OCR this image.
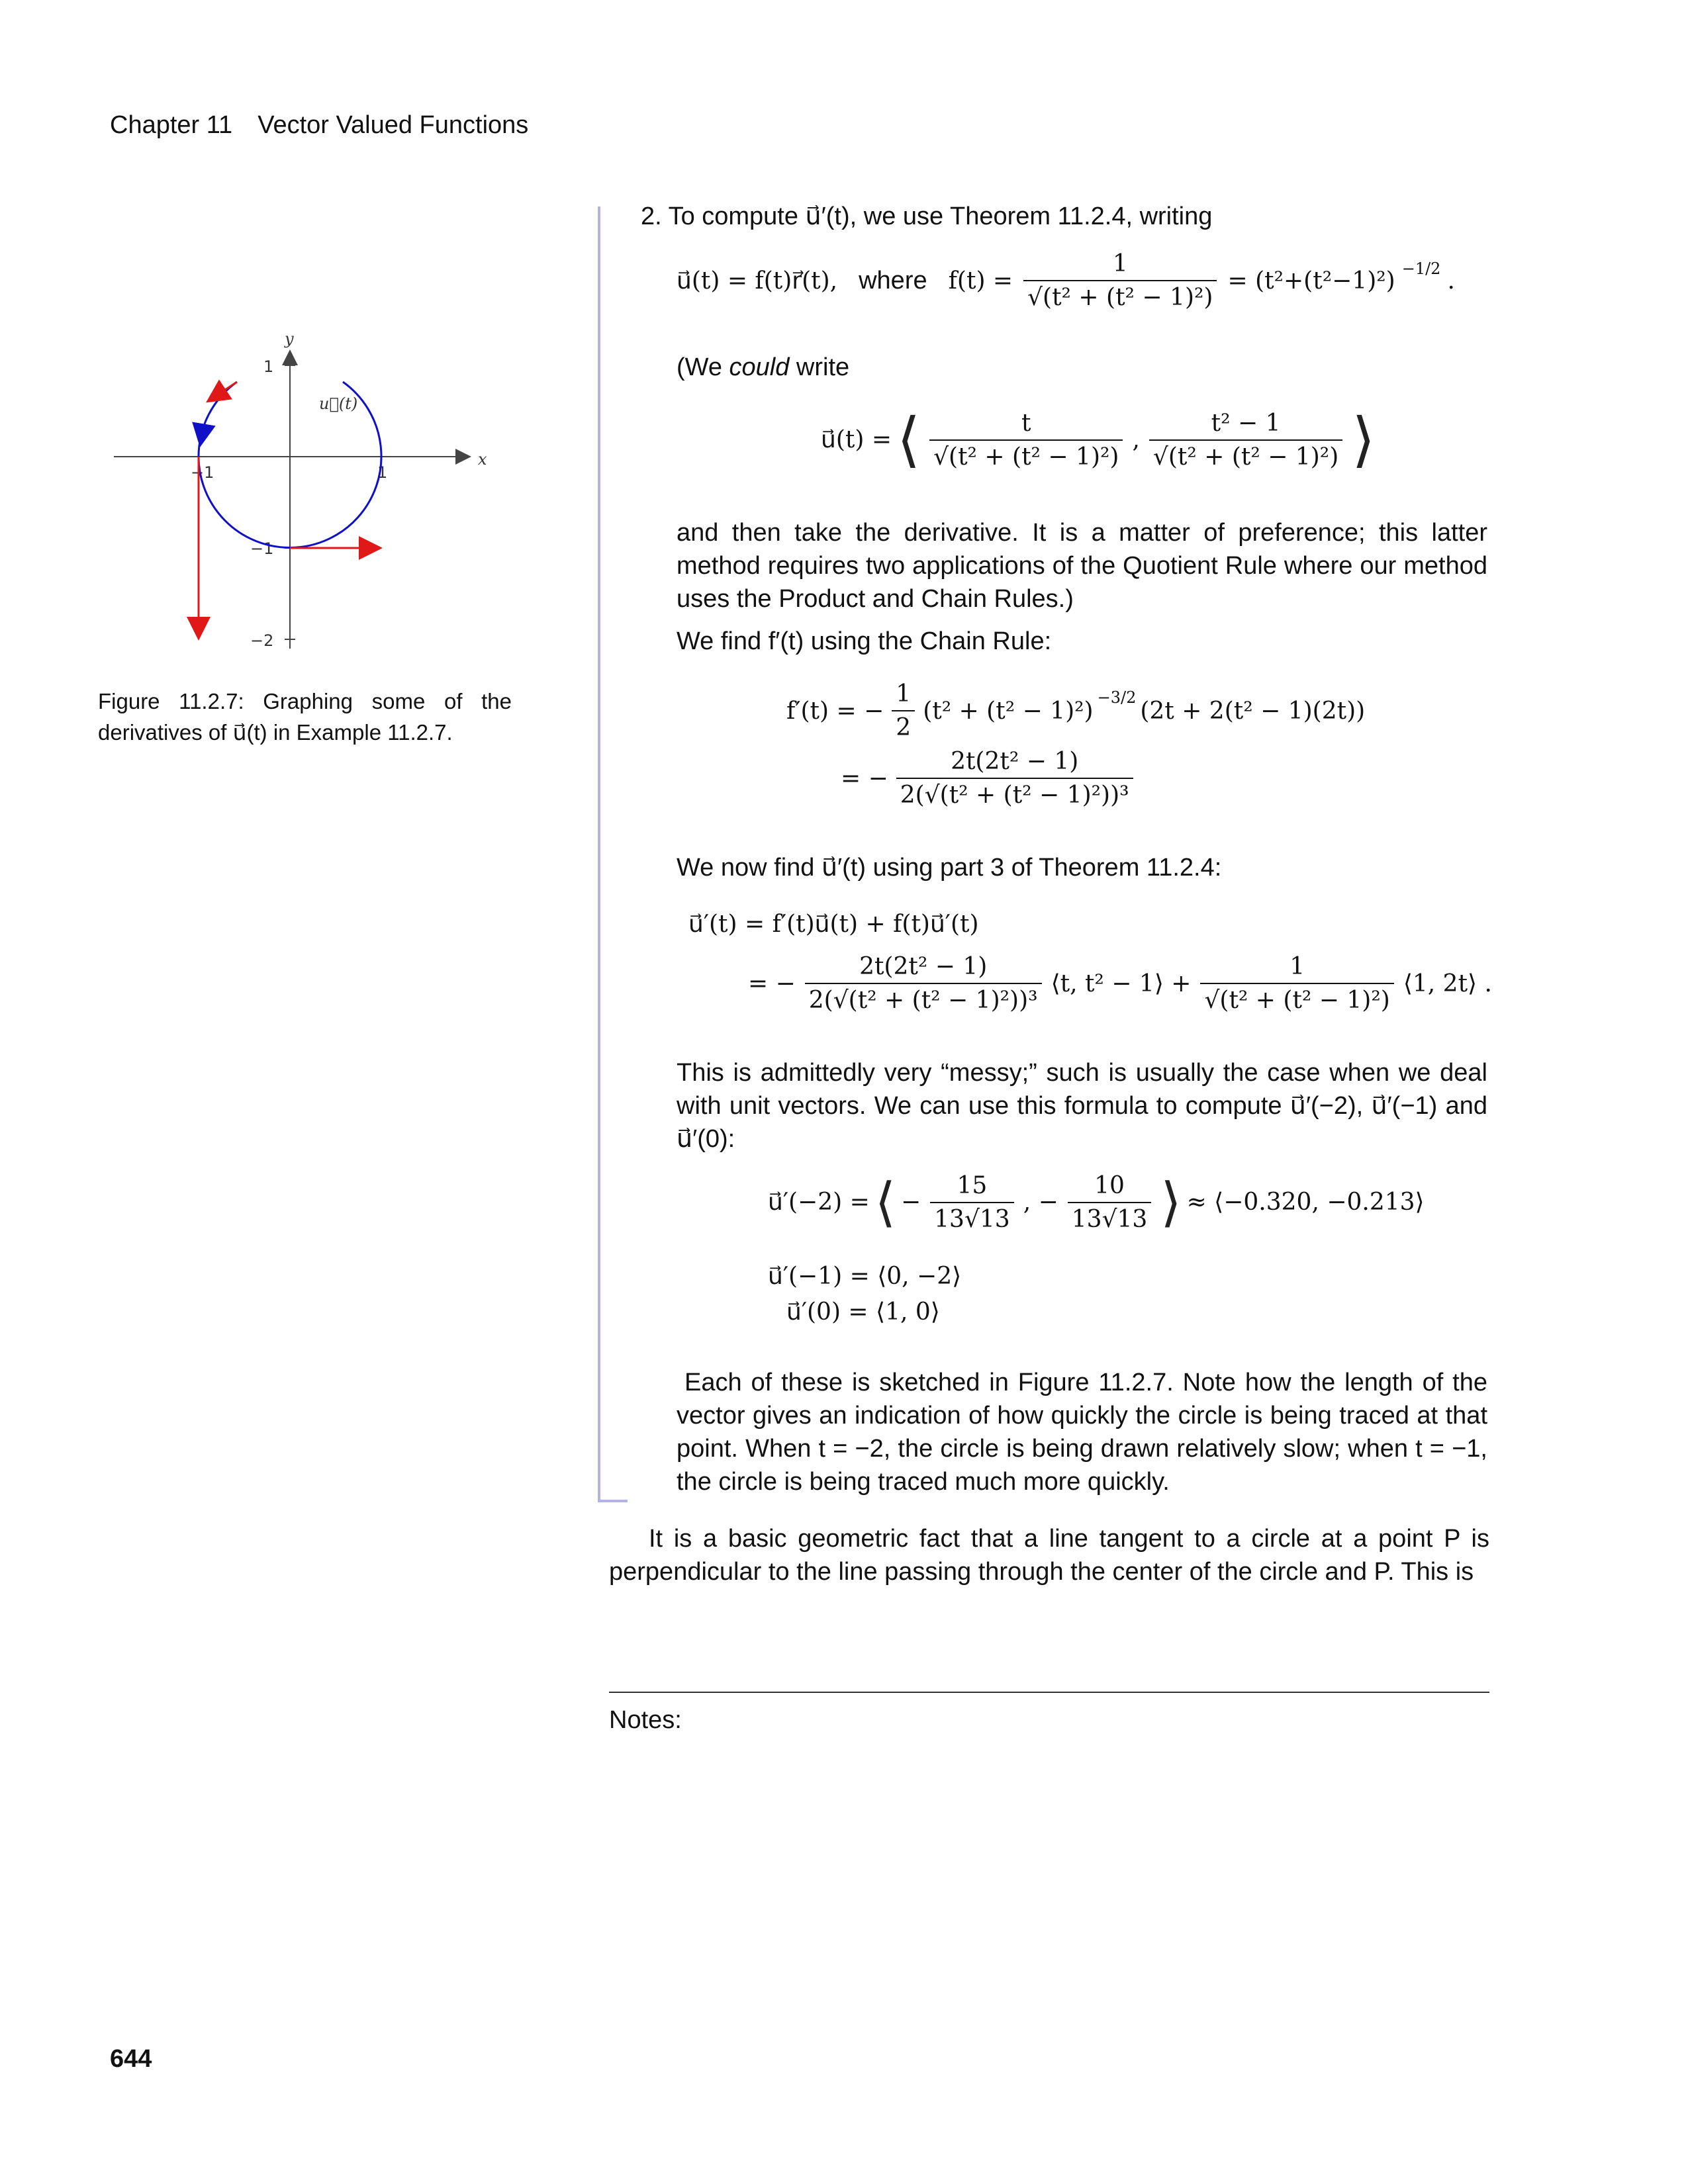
Chapter 11 Vector Valued Functions
x
y
−1	1
1
−1
−2
u⃗(t)
Figure 11.2.7: Graphing some of the derivatives of u⃗(t) in Example 11.2.7.
2. To compute u⃗′(t), we use Theorem 11.2.4, writing
u⃗(t) = f(t)r⃗(t), where $f(t) = \frac{1}{\text{√(t² + (t² − 1)²)}} = (t^2+(t^2-1)^2)$ $^{-1/2}$ .
(We could write
u⃗(t) = ⟨ $\frac{t}{\text{√(t² + (t² − 1)²)}}$ , $\frac{\text{t² − 1}}{\text{√(t² + (t² − 1)²)}}$ ⟩
and then take the derivative. It is a matter of preference; this latter method requires two applications of the Quotient Rule where our method uses the Product and Chain Rules.)
We find f′(t) using the Chain Rule:
f′(t) = − $\frac{1}{2} (t^2 + (t^2 - 1)^2)$ $^{-3/2}$ (2t + 2(t² − 1)(2t))
= − $\frac{\text{2t(2t² − 1)}}{\text{2(√(t² + (t² − 1)²))³}}$
We now find u⃗′(t) using part 3 of Theorem 11.2.4:
u⃗′(t) = f′(t)u⃗(t) + f(t)u⃗′(t)
= − $\frac{\text{2t(2t² − 1)}}{\text{2(√(t² + (t² − 1)²))³}}$ ⟨t, t² − 1⟩ + $\frac{1}{\text{√(t² + (t² − 1)²)}}$ ⟨1, 2t⟩ .
This is admittedly very “messy;” such is usually the case when we deal with unit vectors. We can use this formula to compute u⃗′(−2), u⃗′(−1) and u⃗′(0):
u⃗′(−2) = ⟨ − $\frac{15}{13√13}$ , − $\frac{10}{13√13}$ ⟩ ≈ ⟨−0.320, −0.213⟩
u⃗′(−1) = ⟨0, −2⟩
u⃗′(0) = ⟨1, 0⟩
Each of these is sketched in Figure 11.2.7. Note how the length of the vector gives an indication of how quickly the circle is being traced at that point. When t = −2, the circle is being drawn relatively slow; when t = −1, the circle is being traced much more quickly.
It is a basic geometric fact that a line tangent to a circle at a point P is perpendicular to the line passing through the center of the circle and P. This is
Notes:
644
